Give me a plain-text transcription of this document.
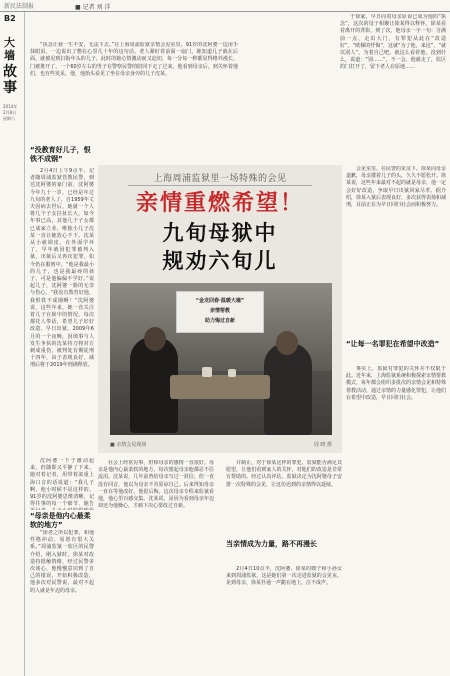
新民法制报	■ 记者 刘 洋
B2
大墙
故事
2014年
2月8日
星期六

“执念让我一生不安，无法下去。”在上海周浦监狱亲情会见室里，91岁的沈阿婆一边用手抹眼泪，一边说出了憋在心里几十年的这句话。老人紧盯着前面一扇门，她知道儿子就在后面。就被见到扫街年头的儿子，此时的她心情激动而又迫切，每一分每一秒都显得格外漫长。门被推开了，一个60岁左右的男子在警察民警的陪同下走了过来，他看到母亲后，到关怀着他们，也有些发呆，他，他抬头看见了坐在母亲身旁的儿子沈某。

于徐家，早日向着母亲原谅已成为他的“执念”，这次的母子相聚让徐某得以释怀。徐某看着离开的背影，到了次，他母亲一字一句：含满前一点，走出大门，有罪犯从此在“改造好”，“欧梯的忏悔”，这就“为了他，来这”，“就以别人”，为着自己吧，就这么看着他，没到什么，说道：“别……”，不一会，他就走了，监区的门打开了，留下老人在原地……

“没教育好儿子，恨铁不成钢”

2月4日上午9点半，记者随周浦监狱管教民警，到达沈阿婆的家门前，沈阿婆今年九十一岁，已经是年过九旬的老人了，自1959年丈夫因病去世后，她就一个人将几个子女拉扯长大，如今年事已高，其他几个子女都已成家立业，唯独小儿子沈某一直让她放心不下。沈某从小就调皮，在外面学坏了，早年就因犯罪被判入狱，出狱后又再次犯罪，如今仍在服刑中。“他是我最小的儿子，也是我最疼的孩子，可是他偏偏不学好。”说起儿子，沈阿婆一脸的无奈与伤心。“我没有教育好他，我恨铁不成钢啊！”沈阿婆说，这些年来，她一直关注着儿子在狱中的情况，每次都托人带话，希望儿子好好改造，早日出狱。2009年6月的一个夜晚，因琐事与人发生争执的沈某持刀将对方刺成重伤，被判处有期徒刑十四年，由于表现良好，减刑后将于2019年刑满释放。

“母亲是他内心最柔软的地方”

“徐老之所以犯罪，和他性格冲动、易怒有很大关系。”周浦监狱一监区的民警介绍，刚入狱时，徐某对改造持抵触情绪，经过民警多次谈心，他慢慢意识到了自己的错误，开始积极改造，他多次对民警说，最对不起的人就是年迈的母亲。

沈阿婆一下子激动起来，但随即又平静了下来。她对着记者，用带着浓重上海口音的话说道：“我儿子啊，他小时候不是这样的。91岁的沈阿婆思维清晰，记得往事的每一个细节，她告

上海周浦监狱里一场特殊的会见
亲情重燃希望！
九旬母狱中
规劝六旬儿
“金龙回春·温暖大墙”
亲情帮教
助力悔过自新
■ 亲情会见现场	周 晓 摄

社会上经常见事，但和母亲的感情一直很好。母亲是他内心最柔软的地方，每次想起母亲他都忍不住流泪。沈某说，几年前曾给母亲写过一封信，但一直没有回音，他以为母亲不肯原谅自己。后来得知母亲一直在等他改好，他很后悔。这次母亲专程来监狱看他，他心里百感交集。沈某说，是因为看到母亲年迈却还为他操心，才痛下决心要改过自新。

并制止，对于徐某这样的罪犯，监狱能否满足其愿望，让他们看到家人的关怀，对他们的改造是非常有帮助的。经过认真评估，监狱决定为沈阿婆母子安排一次特殊的会见，让这份迟到的亲情得以延续。

当亲情成为力量，路不再漫长

2月4日10点半，沈阿婆、徐某的嫂子和小孙女来到周浦监狱，这是她们第一次走进监狱的会见室。见到母亲，徐某扑通一声跪在地上，泣不成声。

会见室里，在民警的见证下，徐某向母亲道歉，母亲搂着儿子的头，久久不愿松开。徐某说，这些年来最对不起的就是母亲，他一定会好好改造，争取早日出狱回家尽孝。据介绍，徐某入狱后表现良好，多次获得表扬和减刑，目前正在为早日回归社会而积极努力。

“让每一名罪犯在希望中改造”

事实上，监狱对罪犯的关怀并不仅限于此。近年来，上海监狱系统积极探索亲情帮教模式，每年都会组织多批次的亲情会见和特殊帮教活动，通过亲情的力量感化罪犯，让他们在希望中改造，早日回归社会。
